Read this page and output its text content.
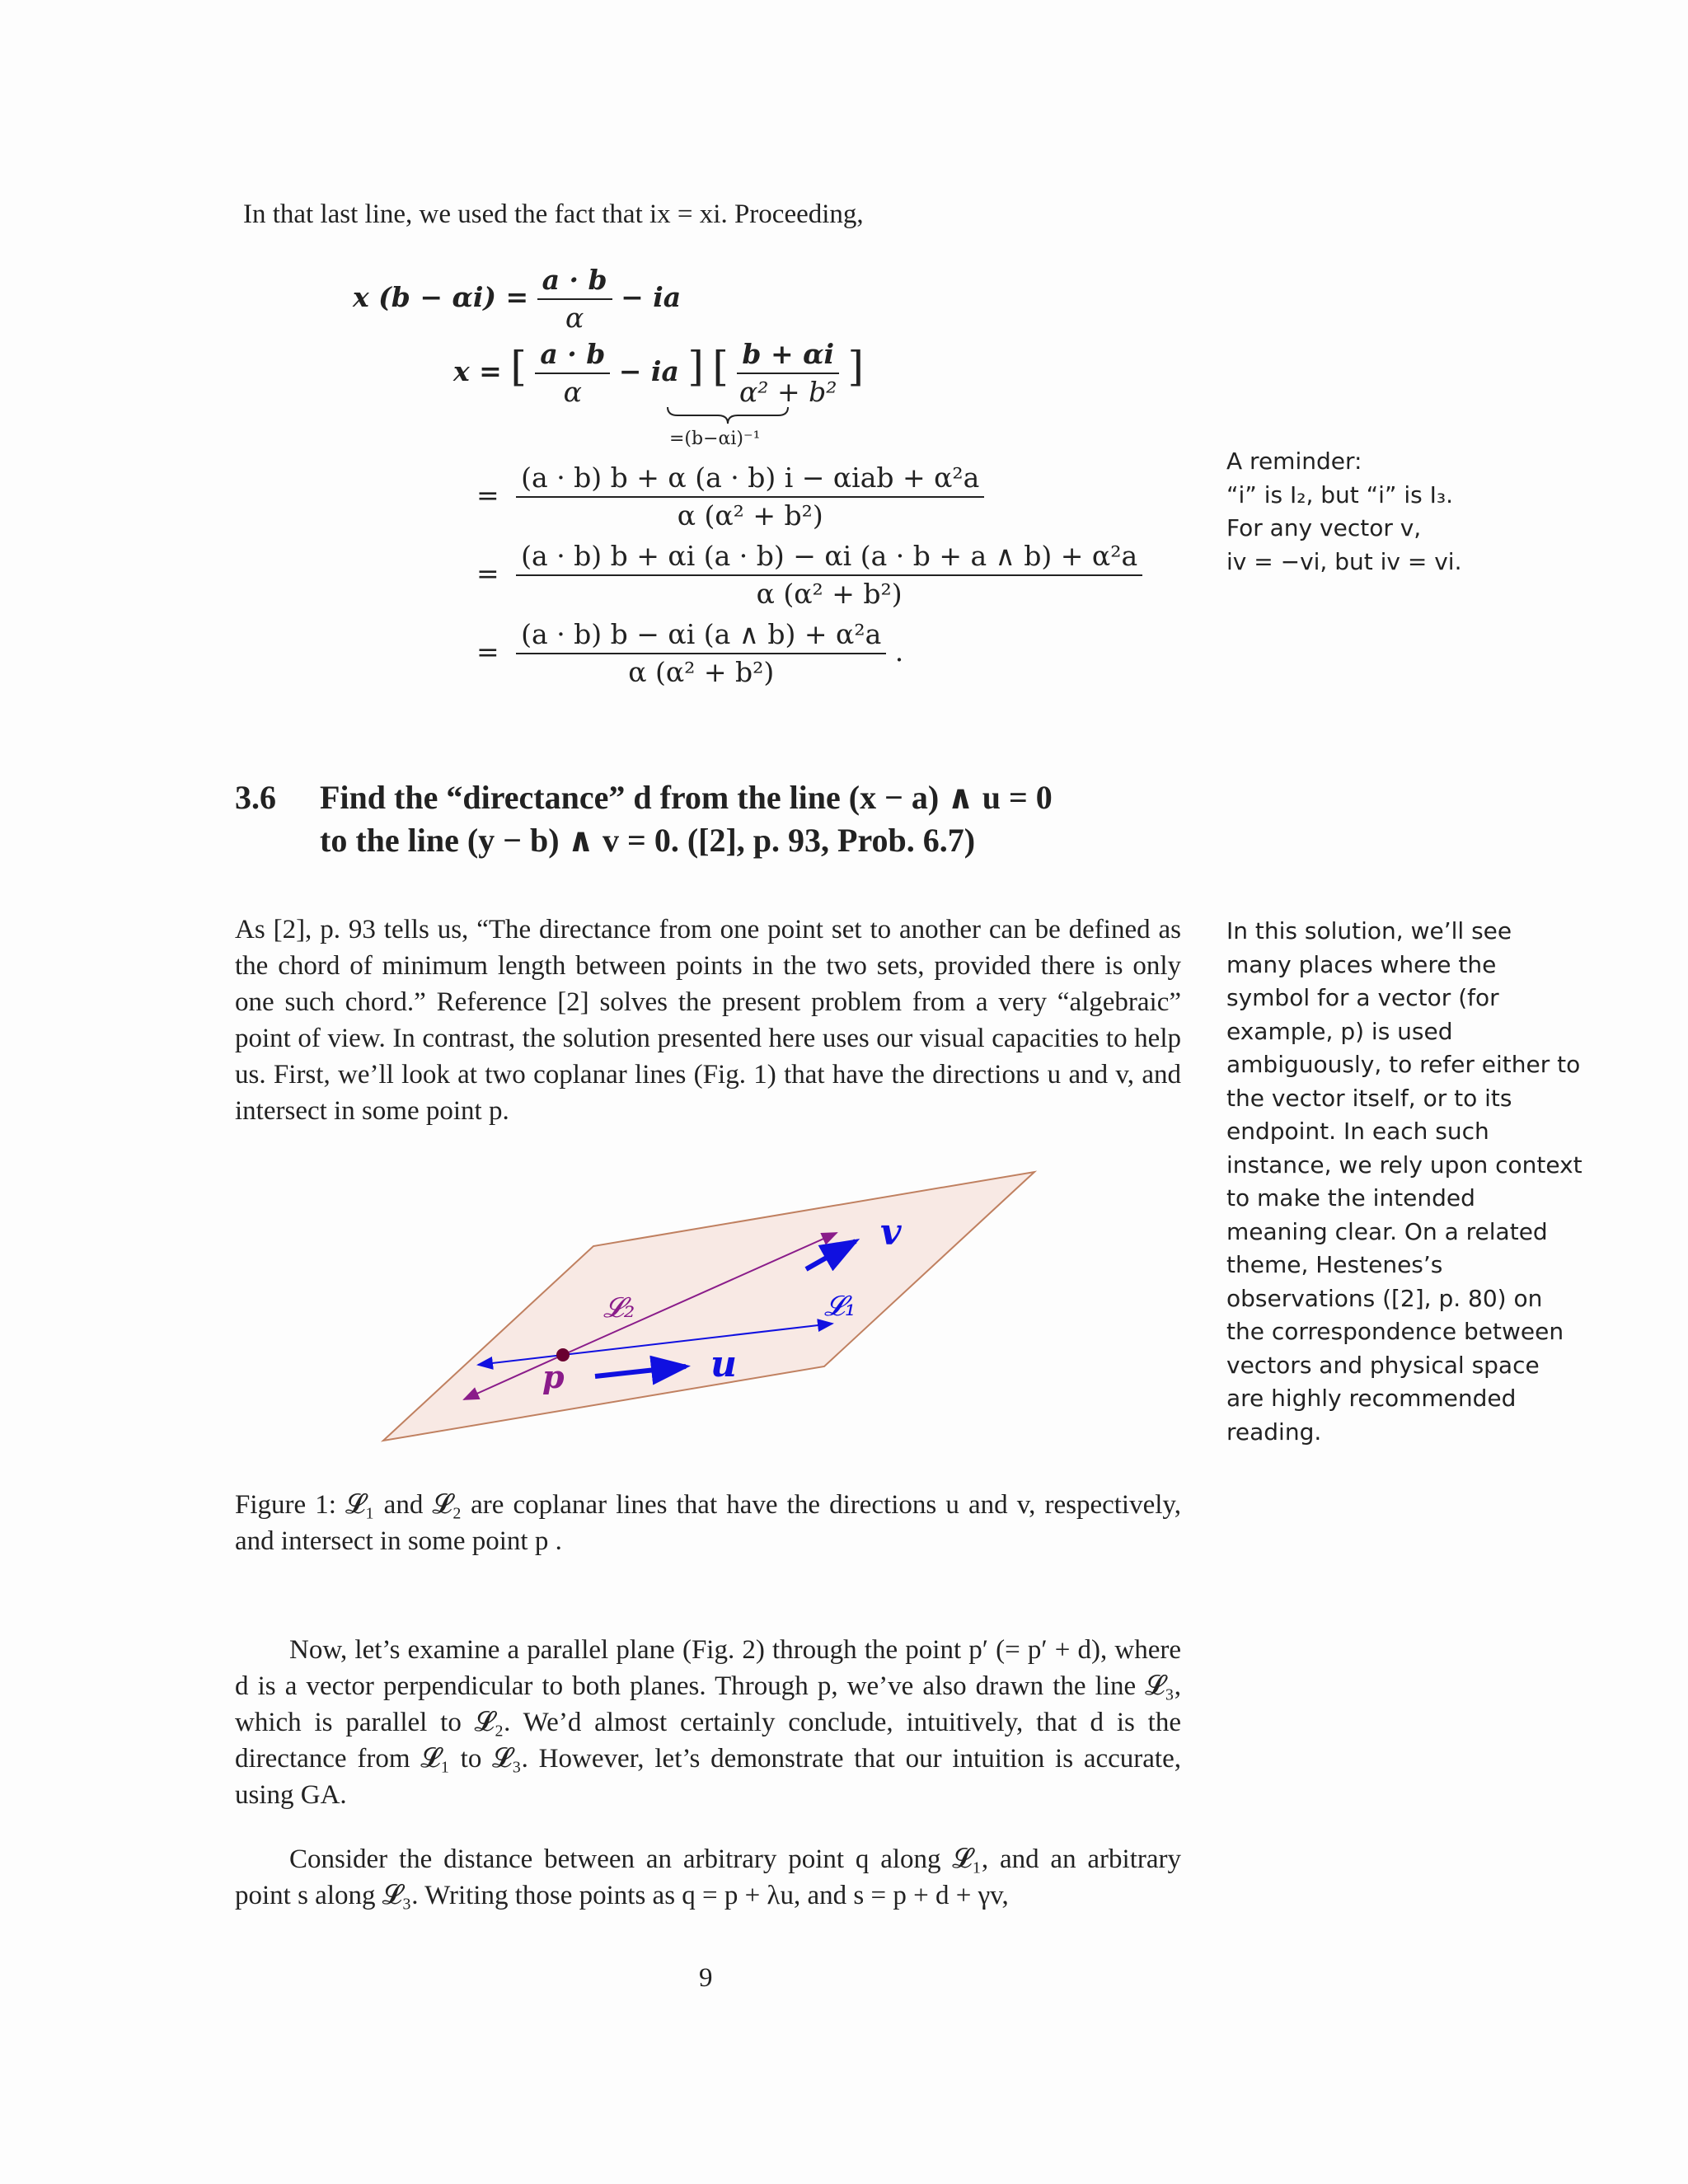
In that last line, we used the fact that ix = xi. Proceeding,
x $(b - \alpha i) = \frac{a \cdot b}{\alpha}$ − ia
x = [ $\frac{a \cdot b}{\alpha}$ − ia ] [ $\frac{b + \alpha i}{\text{α² + b²}}$ ]
=(b−αi)⁻¹
= $\frac{\text{(a · b) b + α (a · b) i − αiab + α²a}}{\text{α (α² + b²)}}$
= $\frac{\text{(a · b) b + αi (a · b) − αi (a · b + a ∧ b) + α²a}}{\text{α (α² + b²)}}$
= $\frac{\text{(a · b) b − αi (a ∧ b) + α²a}}{\text{α (α² + b²)}}$ .
A reminder:
“i” is I₂, but “i” is I₃.
For any vector v,
iv = −vi, but iv = vi.
3.6 Find the “directance” d from the line (x − a) ∧ u = 0
to the line (y − b) ∧ v = 0. ([2], p. 93, Prob. 6.7)
As [2], p. 93 tells us, “The directance from one point set to another can be defined as the chord of minimum length between points in the two sets, provided there is only one such chord.” Reference [2] solves the present problem from a very “algebraic” point of view. In contrast, the solution presented here uses our visual capacities to help us. First, we’ll look at two coplanar lines (Fig. 1) that have the directions u and v, and intersect in some point p.
In this solution, we’ll see many places where the symbol for a vector (for example, p) is used ambiguously, to refer either to the vector itself, or to its endpoint. In each such instance, we rely upon context to make the intended meaning clear. On a related theme, Hestenes’s observations ([2], p. 80) on the correspondence between vectors and physical space are highly recommended reading.
𝓛₂	𝓛₁
v
u
p
Figure 1: 𝓛₁ and 𝓛₂ are coplanar lines that have the directions u and v, respectively, and intersect in some point p .
Now, let’s examine a parallel plane (Fig. 2) through the point p′ (= p′ + d), where d is a vector perpendicular to both planes. Through p, we’ve also drawn the line 𝓛₃, which is parallel to 𝓛₂. We’d almost certainly conclude, intuitively, that d is the directance from 𝓛₁ to 𝓛₃. However, let’s demonstrate that our intuition is accurate, using GA.
Consider the distance between an arbitrary point q along 𝓛₁, and an arbitrary point s along 𝓛₃. Writing those points as q = p + λu, and s = p + d + γv,
9
